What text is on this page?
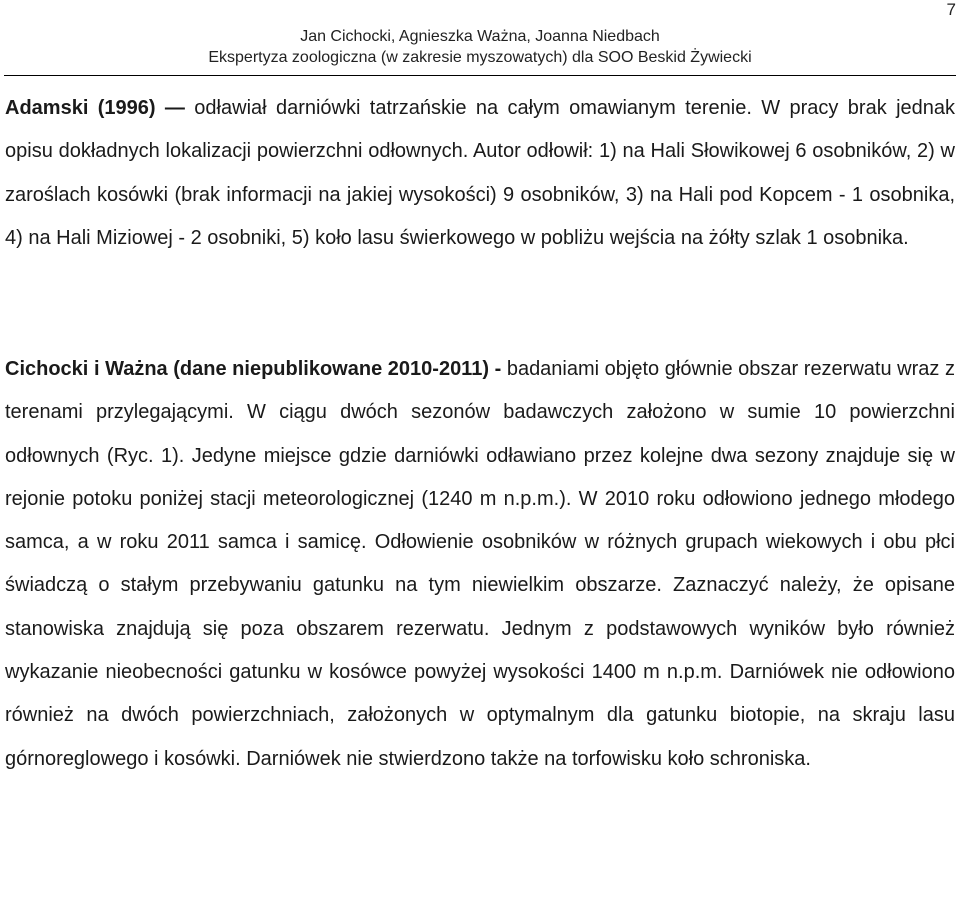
7
Jan Cichocki, Agnieszka Ważna, Joanna Niedbach
Ekspertyza zoologiczna (w zakresie myszowatych) dla SOO Beskid Żywiecki

Adamski (1996) — odławiał darniówki tatrzańskie na całym omawianym terenie. W pracy brak jednak opisu dokładnych lokalizacji powierzchni odłownych. Autor odłowił: 1) na Hali Słowikowej 6 osobników, 2) w zaroślach kosówki (brak informacji na jakiej wysokości) 9 osobników, 3) na Hali pod Kopcem - 1 osobnika, 4) na Hali Miziowej - 2 osobniki, 5) koło lasu świerkowego w pobliżu wejścia na żółty szlak 1 osobnika.

Cichocki i Ważna (dane niepublikowane 2010-2011) - badaniami objęto głównie obszar rezerwatu wraz z terenami przylegającymi. W ciągu dwóch sezonów badawczych założono w sumie 10 powierzchni odłownych (Ryc. 1). Jedyne miejsce gdzie darniówki odławiano przez kolejne dwa sezony znajduje się w rejonie potoku poniżej stacji meteorologicznej (1240 m n.p.m.). W 2010 roku odłowiono jednego młodego samca, a w roku 2011 samca i samicę. Odłowienie osobników w różnych grupach wiekowych i obu płci świadczą o stałym przebywaniu gatunku na tym niewielkim obszarze. Zaznaczyć należy, że opisane stanowiska znajdują się poza obszarem rezerwatu. Jednym z podstawowych wyników było również wykazanie nieobecności gatunku w kosówce powyżej wysokości 1400 m n.p.m. Darniówek nie odłowiono również na dwóch powierzchniach, założonych w optymalnym dla gatunku biotopie, na skraju lasu górnoreglowego i kosówki. Darniówek nie stwierdzono także na torfowisku koło schroniska.
